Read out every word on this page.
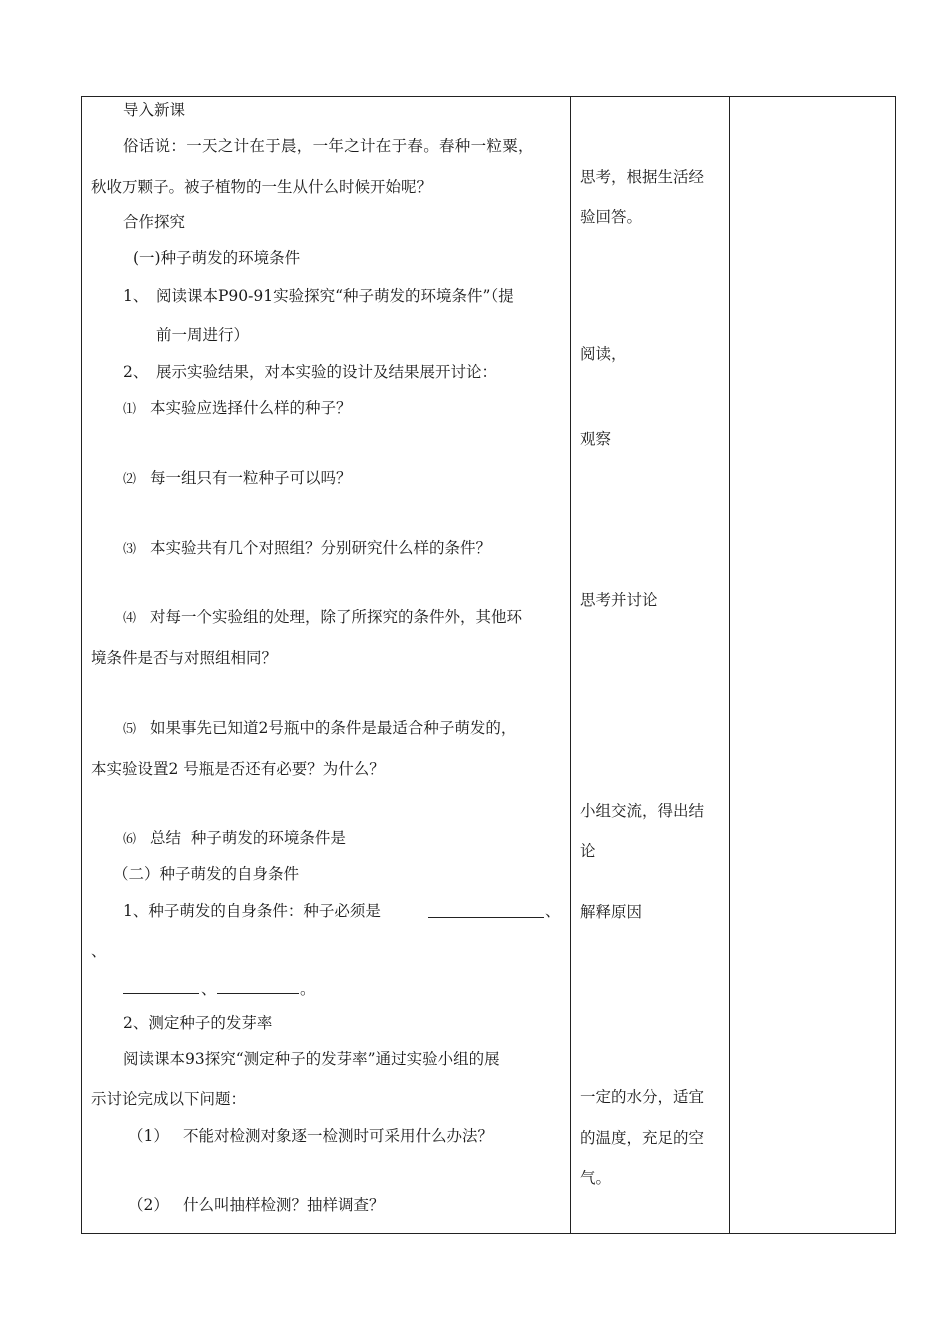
导入新课
俗话说：一天之计在于晨，一年之计在于春。春种一粒粟，
秋收万颗子。被子植物的一生从什么时候开始呢？
合作探究
(一)种子萌发的环境条件
1、 阅读课本P90-91实验探究“种子萌发的环境条件”（提
前一周进行）
2、 展示实验结果，对本实验的设计及结果展开讨论：
⑴ 本实验应选择什么样的种子？
⑵ 每一组只有一粒种子可以吗？
⑶ 本实验共有几个对照组？分别研究什么样的条件？
⑷ 对每一个实验组的处理，除了所探究的条件外，其他环
境条件是否与对照组相同？
⑸ 如果事先已知道2号瓶中的条件是最适合种子萌发的，
本实验设置2 号瓶是否还有必要？为什么？
⑹ 总结  种子萌发的环境条件是
（二）种子萌发的自身条件
1、种子萌发的自身条件：种子必须是	、
、
、	。
2、测定种子的发芽率
阅读课本93探究“测定种子的发芽率”通过实验小组的展
示讨论完成以下问题：
（1） 不能对检测对象逐一检测时可采用什么办法？
（2） 什么叫抽样检测？抽样调查？
思考，根据生活经
验回答。
阅读，
观察
思考并讨论
小组交流，得出结
论
解释原因
一定的水分，适宜
的温度，充足的空
气。
